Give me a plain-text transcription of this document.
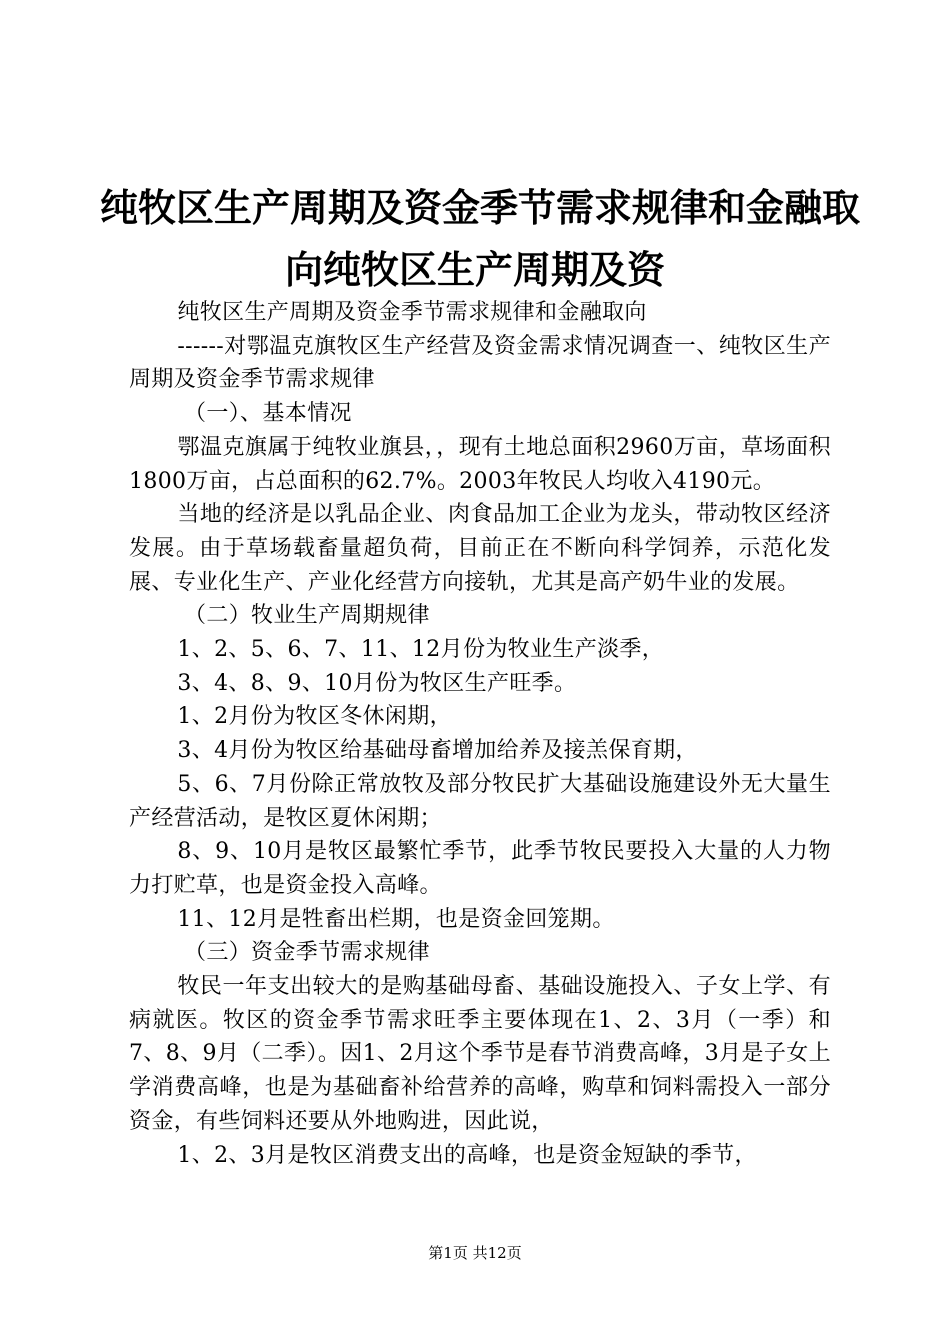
纯牧区生产周期及资金季节需求规律和金融取
向纯牧区生产周期及资

纯牧区生产周期及资金季节需求规律和金融取向

------对鄂温克旗牧区生产经营及资金需求情况调查一、纯牧区生产周期及资金季节需求规律

（一）、基本情况

鄂温克旗属于纯牧业旗县，，现有土地总面积2960万亩，草场面积1800万亩，占总面积的62.7%。2003年牧民人均收入4190元。

当地的经济是以乳品企业、肉食品加工企业为龙头，带动牧区经济发展。由于草场载畜量超负荷，目前正在不断向科学饲养，示范化发展、专业化生产、产业化经营方向接轨，尤其是高产奶牛业的发展。

（二）牧业生产周期规律

1、2、5、6、7、11、12月份为牧业生产淡季，

3、4、8、9、10月份为牧区生产旺季。

1、2月份为牧区冬休闲期，

3、4月份为牧区给基础母畜增加给养及接羔保育期，

5、6、7月份除正常放牧及部分牧民扩大基础设施建设外无大量生产经营活动，是牧区夏休闲期；

8、9、10月是牧区最繁忙季节，此季节牧民要投入大量的人力物力打贮草，也是资金投入高峰。

11、12月是牲畜出栏期，也是资金回笼期。

（三）资金季节需求规律

牧民一年支出较大的是购基础母畜、基础设施投入、子女上学、有病就医。牧区的资金季节需求旺季主要体现在1、2、3月（一季）和7、8、9月（二季）。因1、2月这个季节是春节消费高峰，3月是子女上学消费高峰，也是为基础畜补给营养的高峰，购草和饲料需投入一部分资金，有些饲料还要从外地购进，因此说，

1、2、3月是牧区消费支出的高峰，也是资金短缺的季节，

第1页 共12页
